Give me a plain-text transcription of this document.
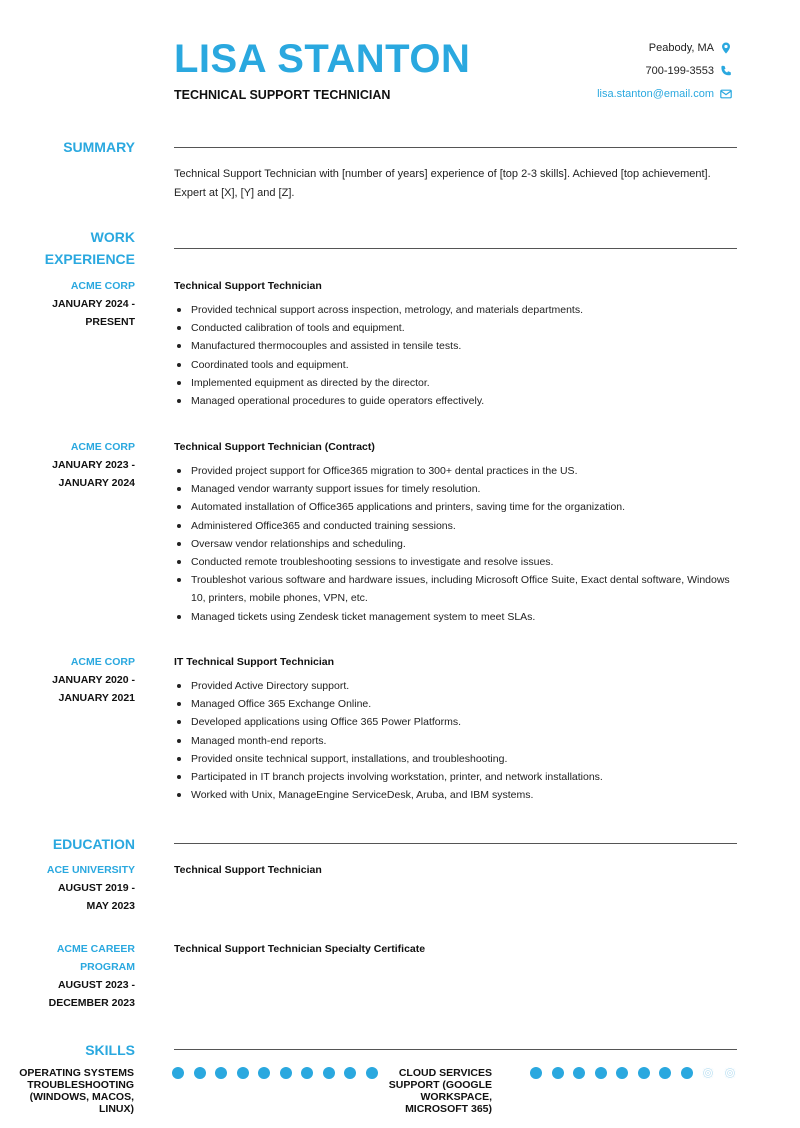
LISA STANTON
TECHNICAL SUPPORT TECHNICIAN
Peabody, MA
700-199-3553
lisa.stanton@email.com
SUMMARY
Technical Support Technician with [number of years] experience of [top 2-3 skills]. Achieved [top achievement]. Expert at [X], [Y] and [Z].
WORK
EXPERIENCE
ACME CORP
JANUARY 2024 -
PRESENT
Technical Support Technician
Provided technical support across inspection, metrology, and materials departments.
Conducted calibration of tools and equipment.
Manufactured thermocouples and assisted in tensile tests.
Coordinated tools and equipment.
Implemented equipment as directed by the director.
Managed operational procedures to guide operators effectively.
ACME CORP
JANUARY 2023 -
JANUARY 2024
Technical Support Technician (Contract)
Provided project support for Office365 migration to 300+ dental practices in the US.
Managed vendor warranty support issues for timely resolution.
Automated installation of Office365 applications and printers, saving time for the organization.
Administered Office365 and conducted training sessions.
Oversaw vendor relationships and scheduling.
Conducted remote troubleshooting sessions to investigate and resolve issues.
Troubleshot various software and hardware issues, including Microsoft Office Suite, Exact dental software, Windows 10, printers, mobile phones, VPN, etc.
Managed tickets using Zendesk ticket management system to meet SLAs.
ACME CORP
JANUARY 2020 -
JANUARY 2021
IT Technical Support Technician
Provided Active Directory support.
Managed Office 365 Exchange Online.
Developed applications using Office 365 Power Platforms.
Managed month-end reports.
Provided onsite technical support, installations, and troubleshooting.
Participated in IT branch projects involving workstation, printer, and network installations.
Worked with Unix, ManageEngine ServiceDesk, Aruba, and IBM systems.
EDUCATION
ACE UNIVERSITY
AUGUST 2019 -
MAY 2023
Technical Support Technician
ACME CAREER
PROGRAM
AUGUST 2023 -
DECEMBER 2023
Technical Support Technician Specialty Certificate
SKILLS
OPERATING SYSTEMS
TROUBLESHOOTING
(WINDOWS, MACOS,
LINUX)
CLOUD SERVICES
SUPPORT (GOOGLE
WORKSPACE,
MICROSOFT 365)
